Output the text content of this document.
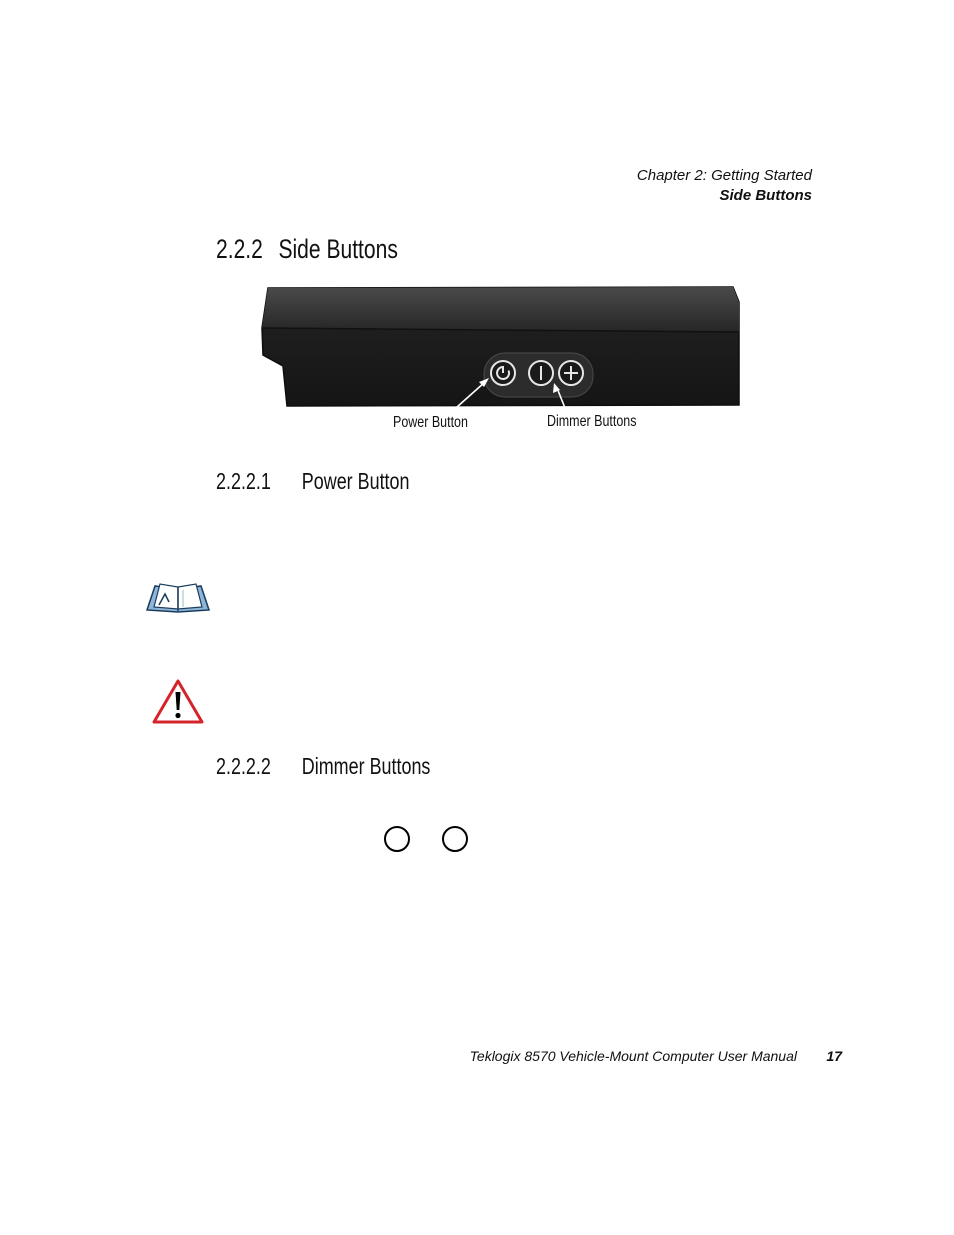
Chapter 2: Getting Started
Side Buttons
2.2.2 Side Buttons
Power Button	Dimmer Buttons
2.2.2.1 Power Button
2.2.2.2 Dimmer Buttons
Teklogix 8570 Vehicle-Mount Computer User Manual 17
